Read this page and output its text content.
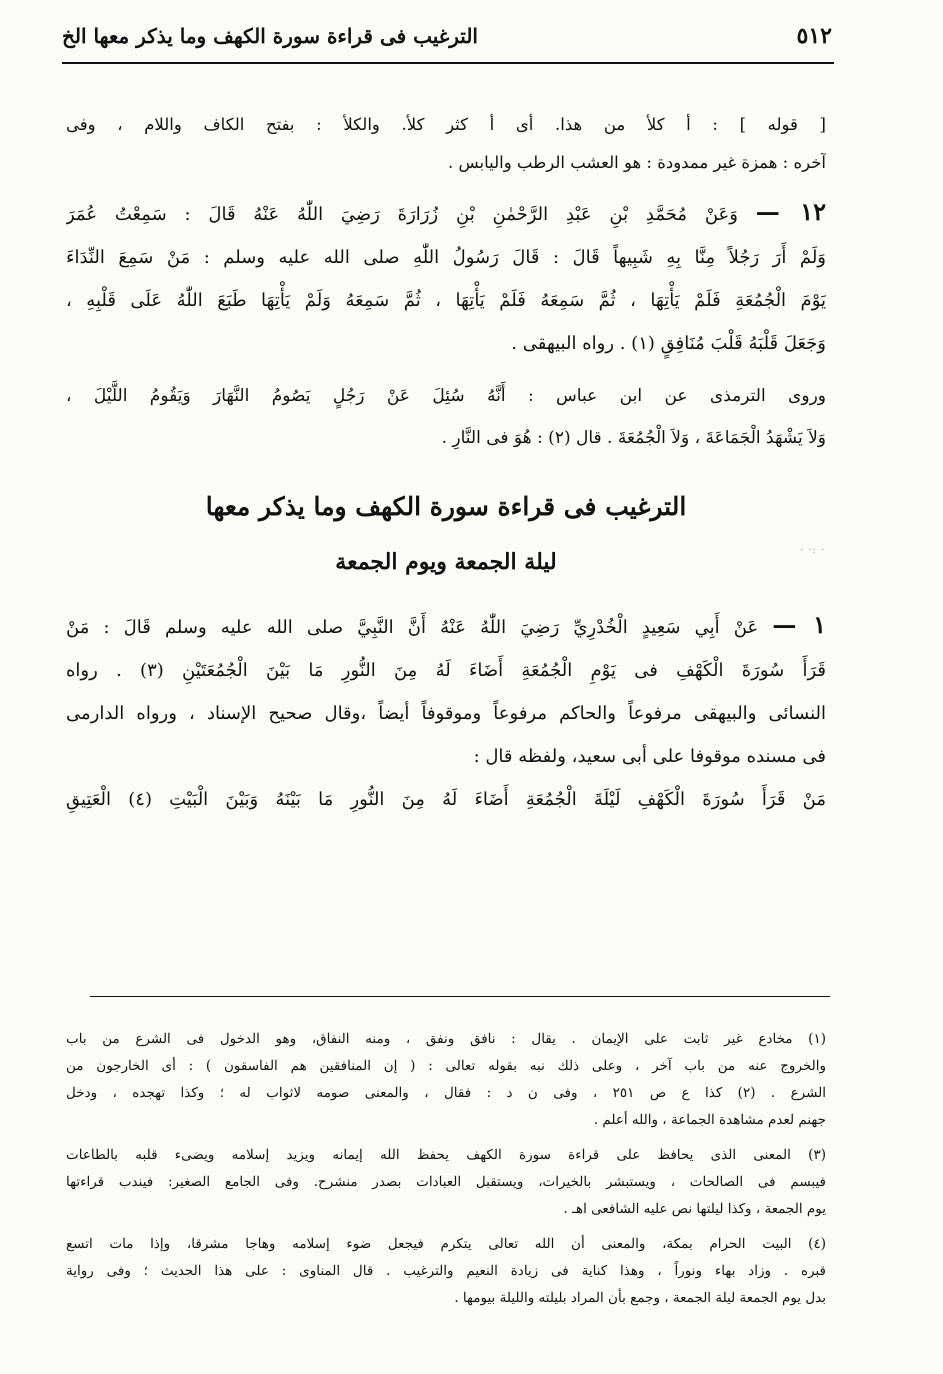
٥١٢
الترغيب فى قراءة سورة الكهف وما يذكر معها الخ

[ قوله ] : أ كلأ من هذا. أى أ كثر كلأ. والكلأ : بفتح الكاف واللام ، وفى

آخره : همزة غير ممدودة : هو العشب الرطب واليابس .

١٢ — وَعَنْ مُحَمَّدِ بْنِ عَبْدِ الرَّحْمٰنِ بْنِ زُرَارَةَ رَضِيَ اللّٰهُ عَنْهُ قَالَ : سَمِعْتُ عُمَرَ

وَلَمْ أَرَ رَجُلاً مِنَّا بِهِ شَبِيهاً قَالَ : قَالَ رَسُولُ اللّٰهِ صلى الله عليه وسلم : مَنْ سَمِعَ النِّدَاءَ

يَوْمَ الْجُمُعَةِ فَلَمْ يَأْتِهَا ، ثُمَّ سَمِعَهُ فَلَمْ يَأْتِهَا ، ثُمَّ سَمِعَهُ وَلَمْ يَأْتِهَا طَبَعَ اللّٰهُ عَلَى قَلْبِهِ ،

وَجَعَلَ قَلْبَهُ قَلْبَ مُنَافِقٍ (١) . رواه البيهقى .

وروى الترمذى عن ابن عباس : أَنَّهُ سُئِلَ عَنْ رَجُلٍ يَصُومُ النَّهَارَ وَيَقُومُ اللَّيْلَ ،

وَلاَ يَشْهَدُ الْجَمَاعَةَ ، وَلاَ الْجُمُعَةَ . قال (٢) : هُوَ فى النَّارِ .

الترغيب فى قراءة سورة الكهف وما يذكر معها
ليلة الجمعة ويوم الجمعة
١ — عَنْ أَبِي سَعِيدٍ الْخُدْرِيِّ رَضِيَ اللّٰهُ عَنْهُ أَنَّ النَّبِيَّ صلى الله عليه وسلم قَالَ : مَنْ

قَرَأَ سُورَةَ الْكَهْفِ فى يَوْمِ الْجُمُعَةِ أَضَاءَ لَهُ مِنَ النُّورِ مَا بَيْنَ الْجُمُعَتَيْنِ (٣) . رواه

النسائى والبيهقى مرفوعاً والحاكم مرفوعاً وموقوفاً أيضاً ،وقال صحيح الإسناد ، ورواه الدارمى

فى مسنده موقوفا على أبى سعيد، ولفظه قال :

مَنْ قَرَأَ سُورَةَ الْكَهْفِ لَيْلَةَ الْجُمُعَةِ أَضَاءَ لَهُ مِنَ النُّورِ مَا بَيْنَهُ وَبَيْنَ الْبَيْتِ (٤) الْعَتِيقِ

· ·: ·

(١) مخادع غير ثابت على الإيمان . يقال : نافق ونفق ، ومنه النفاق، وهو الدخول فى الشرع من باب

والخروج عنه من باب آخر ، وعلى ذلك نبه بقوله تعالى : ( إن المنافقين هم الفاسقون ) : أى الخارجون من

الشرع . (٢) كذا ع ص ٢٥١ ، وفى ن د : فقال ، والمعنى صومه لاثواب له ؛ وكذا تهجده ، ودخل

جهنم لعدم مشاهدة الجماعة ، والله أعلم .

(٣) المعنى الذى يحافظ على قراءة سورة الكهف يحفظ الله إيمانه ويزيد إسلامه ويضىء قلبه بالطاعات

فيبسم فى الصالحات ، ويستبشر بالخيرات، ويستقبل العبادات بصدر منشرح. وفى الجامع الصغير: فيندب قراءتها

يوم الجمعة ، وكذا ليلتها نص عليه الشافعى اهـ .

(٤) البيت الحرام بمكة، والمعنى أن الله تعالى يتكرم فيجعل ضوء إسلامه وهاجا مشرقا، وإذا مات اتسع

قبره . وزاد بهاء ونوراً ، وهذا كناية فى زيادة النعيم والترغيب . قال المناوى : على هذا الحديث ؛ وفى رواية

بدل يوم الجمعة ليلة الجمعة ، وجمع بأن المراد بليلته والليلة بيومها .
